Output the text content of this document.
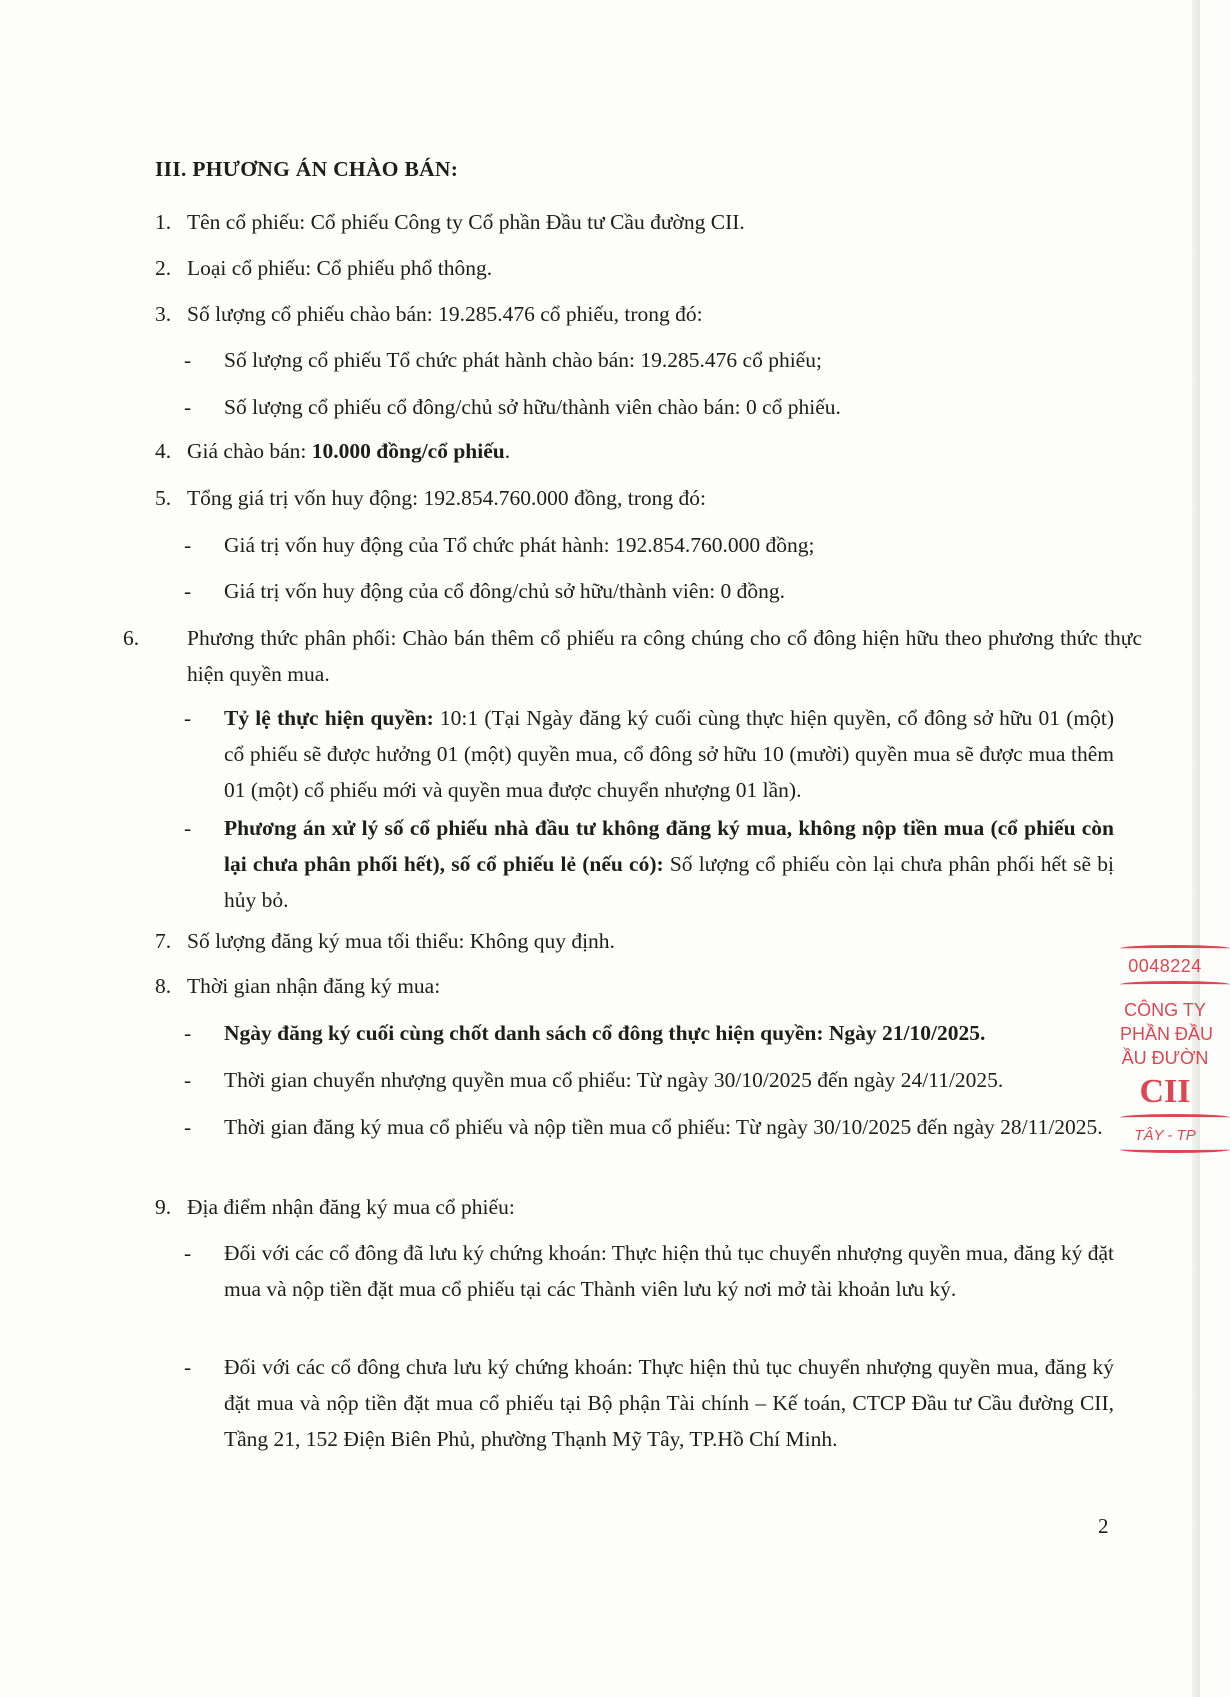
III. PHƯƠNG ÁN CHÀO BÁN:
1. Tên cổ phiếu: Cổ phiếu Công ty Cổ phần Đầu tư Cầu đường CII.
2. Loại cổ phiếu: Cổ phiếu phổ thông.
3. Số lượng cổ phiếu chào bán: 19.285.476 cổ phiếu, trong đó:
- Số lượng cổ phiếu Tổ chức phát hành chào bán: 19.285.476 cổ phiếu;
- Số lượng cổ phiếu cổ đông/chủ sở hữu/thành viên chào bán: 0 cổ phiếu.
4. Giá chào bán: 10.000 đồng/cổ phiếu.
5. Tổng giá trị vốn huy động: 192.854.760.000 đồng, trong đó:
- Giá trị vốn huy động của Tổ chức phát hành: 192.854.760.000 đồng;
- Giá trị vốn huy động của cổ đông/chủ sở hữu/thành viên: 0 đồng.
6. Phương thức phân phối: Chào bán thêm cổ phiếu ra công chúng cho cổ đông hiện hữu theo phương thức thực hiện quyền mua.
- Tỷ lệ thực hiện quyền: 10:1 (Tại Ngày đăng ký cuối cùng thực hiện quyền, cổ đông sở hữu 01 (một) cổ phiếu sẽ được hưởng 01 (một) quyền mua, cổ đông sở hữu 10 (mười) quyền mua sẽ được mua thêm 01 (một) cổ phiếu mới và quyền mua được chuyển nhượng 01 lần).
- Phương án xử lý số cổ phiếu nhà đầu tư không đăng ký mua, không nộp tiền mua (cổ phiếu còn lại chưa phân phối hết), số cổ phiếu lẻ (nếu có): Số lượng cổ phiếu còn lại chưa phân phối hết sẽ bị hủy bỏ.
7. Số lượng đăng ký mua tối thiểu: Không quy định.
8. Thời gian nhận đăng ký mua:
- Ngày đăng ký cuối cùng chốt danh sách cổ đông thực hiện quyền: Ngày 21/10/2025.
- Thời gian chuyển nhượng quyền mua cổ phiếu: Từ ngày 30/10/2025 đến ngày 24/11/2025.
- Thời gian đăng ký mua cổ phiếu và nộp tiền mua cổ phiếu: Từ ngày 30/10/2025 đến ngày 28/11/2025.
9. Địa điểm nhận đăng ký mua cổ phiếu:
- Đối với các cổ đông đã lưu ký chứng khoán: Thực hiện thủ tục chuyển nhượng quyền mua, đăng ký đặt mua và nộp tiền đặt mua cổ phiếu tại các Thành viên lưu ký nơi mở tài khoản lưu ký.
- Đối với các cổ đông chưa lưu ký chứng khoán: Thực hiện thủ tục chuyển nhượng quyền mua, đăng ký đặt mua và nộp tiền đặt mua cổ phiếu tại Bộ phận Tài chính – Kế toán, CTCP Đầu tư Cầu đường CII, Tầng 21, 152 Điện Biên Phủ, phường Thạnh Mỹ Tây, TP.Hồ Chí Minh.
0048224
CÔNG TY
PHẦN ĐẦU
ẦU ĐƯỜN
CII
TÂY - TP
2
